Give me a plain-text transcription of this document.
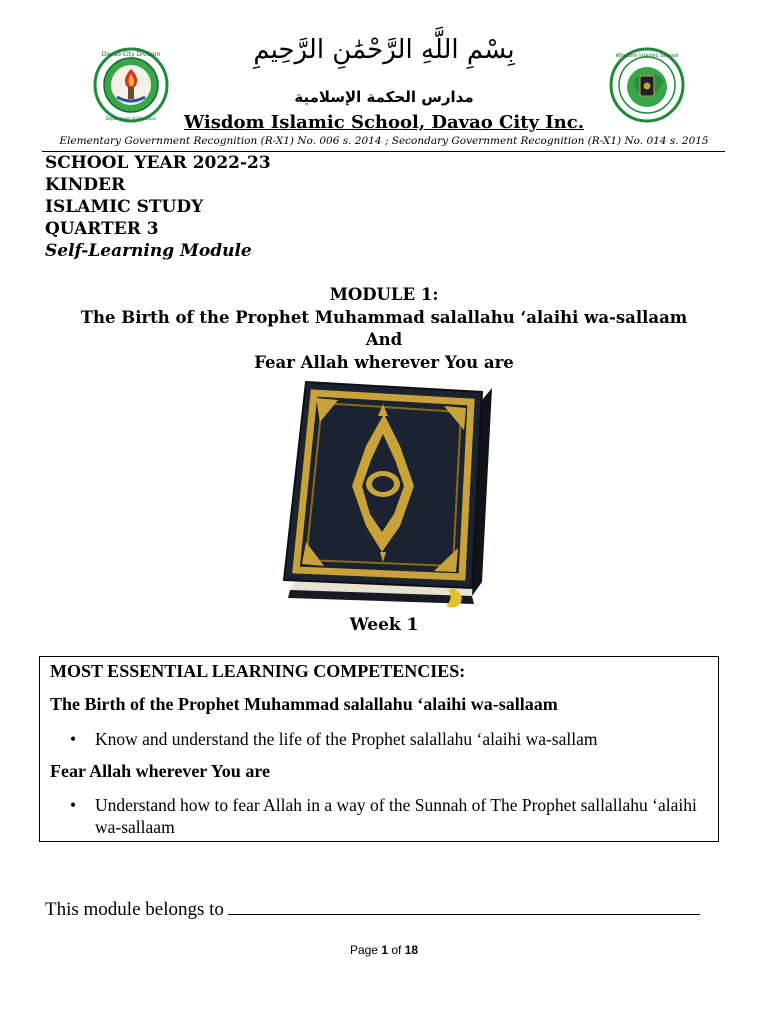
بِسْمِ اللَّهِ الرَّحْمَٰنِ الرَّحِيمِ
Davao City Division
Department of Education
Wisdom Islamic School
مدارس الحكمة الإسلامية
Wisdom Islamic School, Davao City Inc.
Elementary Government Recognition (R-X1) No. 006 s. 2014 ; Secondary Government Recognition (R-X1) No. 014 s. 2015
SCHOOL YEAR 2022-23
KINDER
ISLAMIC STUDY
QUARTER 3
Self-Learning Module
MODULE 1:
The Birth of the Prophet Muhammad salallahu ‘alaihi wa-sallaam
And
Fear Allah wherever You are
Week 1
MOST ESSENTIAL LEARNING COMPETENCIES:
The Birth of the Prophet Muhammad salallahu ‘alaihi wa-sallaam
• Know and understand the life of the Prophet salallahu ‘alaihi wa-sallam
Fear Allah wherever You are
• Understand how to fear Allah in a way of the Sunnah of The Prophet sallallahu ‘alaihi wa-sallaam
This module belongs to
Page 1 of 18
